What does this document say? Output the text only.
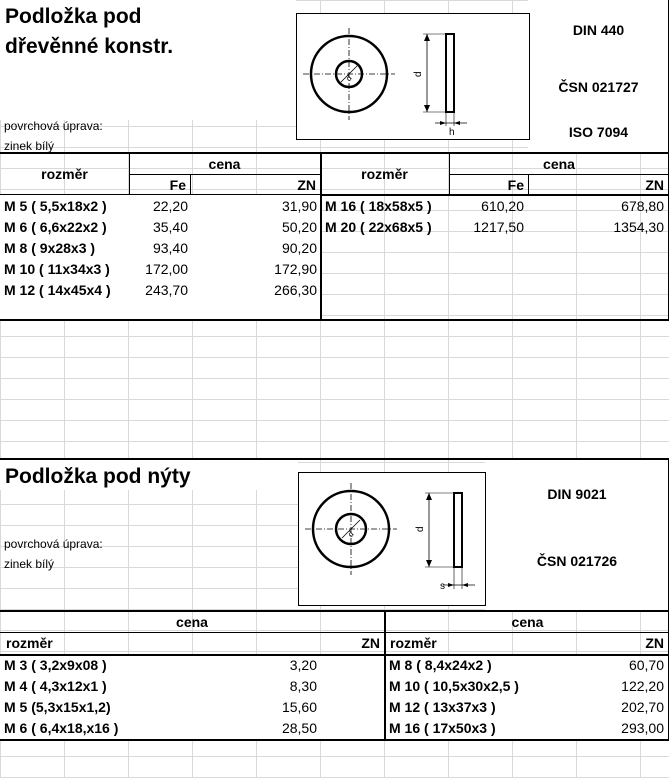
Podložka pod
dřevěnné konstr.
povrchová úprava:
zinek bílý
d
h
d
DIN 440
ČSN 021727
ISO 7094
rozměr
cena
Fe	ZN
rozměr
cena
Fe	ZN
M 5 ( 5,5x18x2 )	22,20	31,90
M 6 ( 6,6x22x2 )	35,40	50,20
M 8 ( 9x28x3 )	93,40	90,20
M 10 ( 11x34x3 )	172,00	172,90
M 12 ( 14x45x4 )	243,70	266,30
M 16 ( 18x58x5 )	610,20	678,80
M 20 ( 22x68x5 )	1217,50	1354,30
Podložka pod nýty
povrchová úprava:
zinek bílý
d
s
d
DIN 9021
ČSN 021726
cena
rozměr	ZN
cena
rozměr	ZN
M 3 ( 3,2x9x08 )	3,20
M 4 ( 4,3x12x1 )	8,30
M 5 (5,3x15x1,2)	15,60
M 6 ( 6,4x18,x16 )	28,50
M 8 ( 8,4x24x2 )	60,70
M 10 ( 10,5x30x2,5 )	122,20
M 12 ( 13x37x3 )	202,70
M 16 ( 17x50x3 )	293,00
